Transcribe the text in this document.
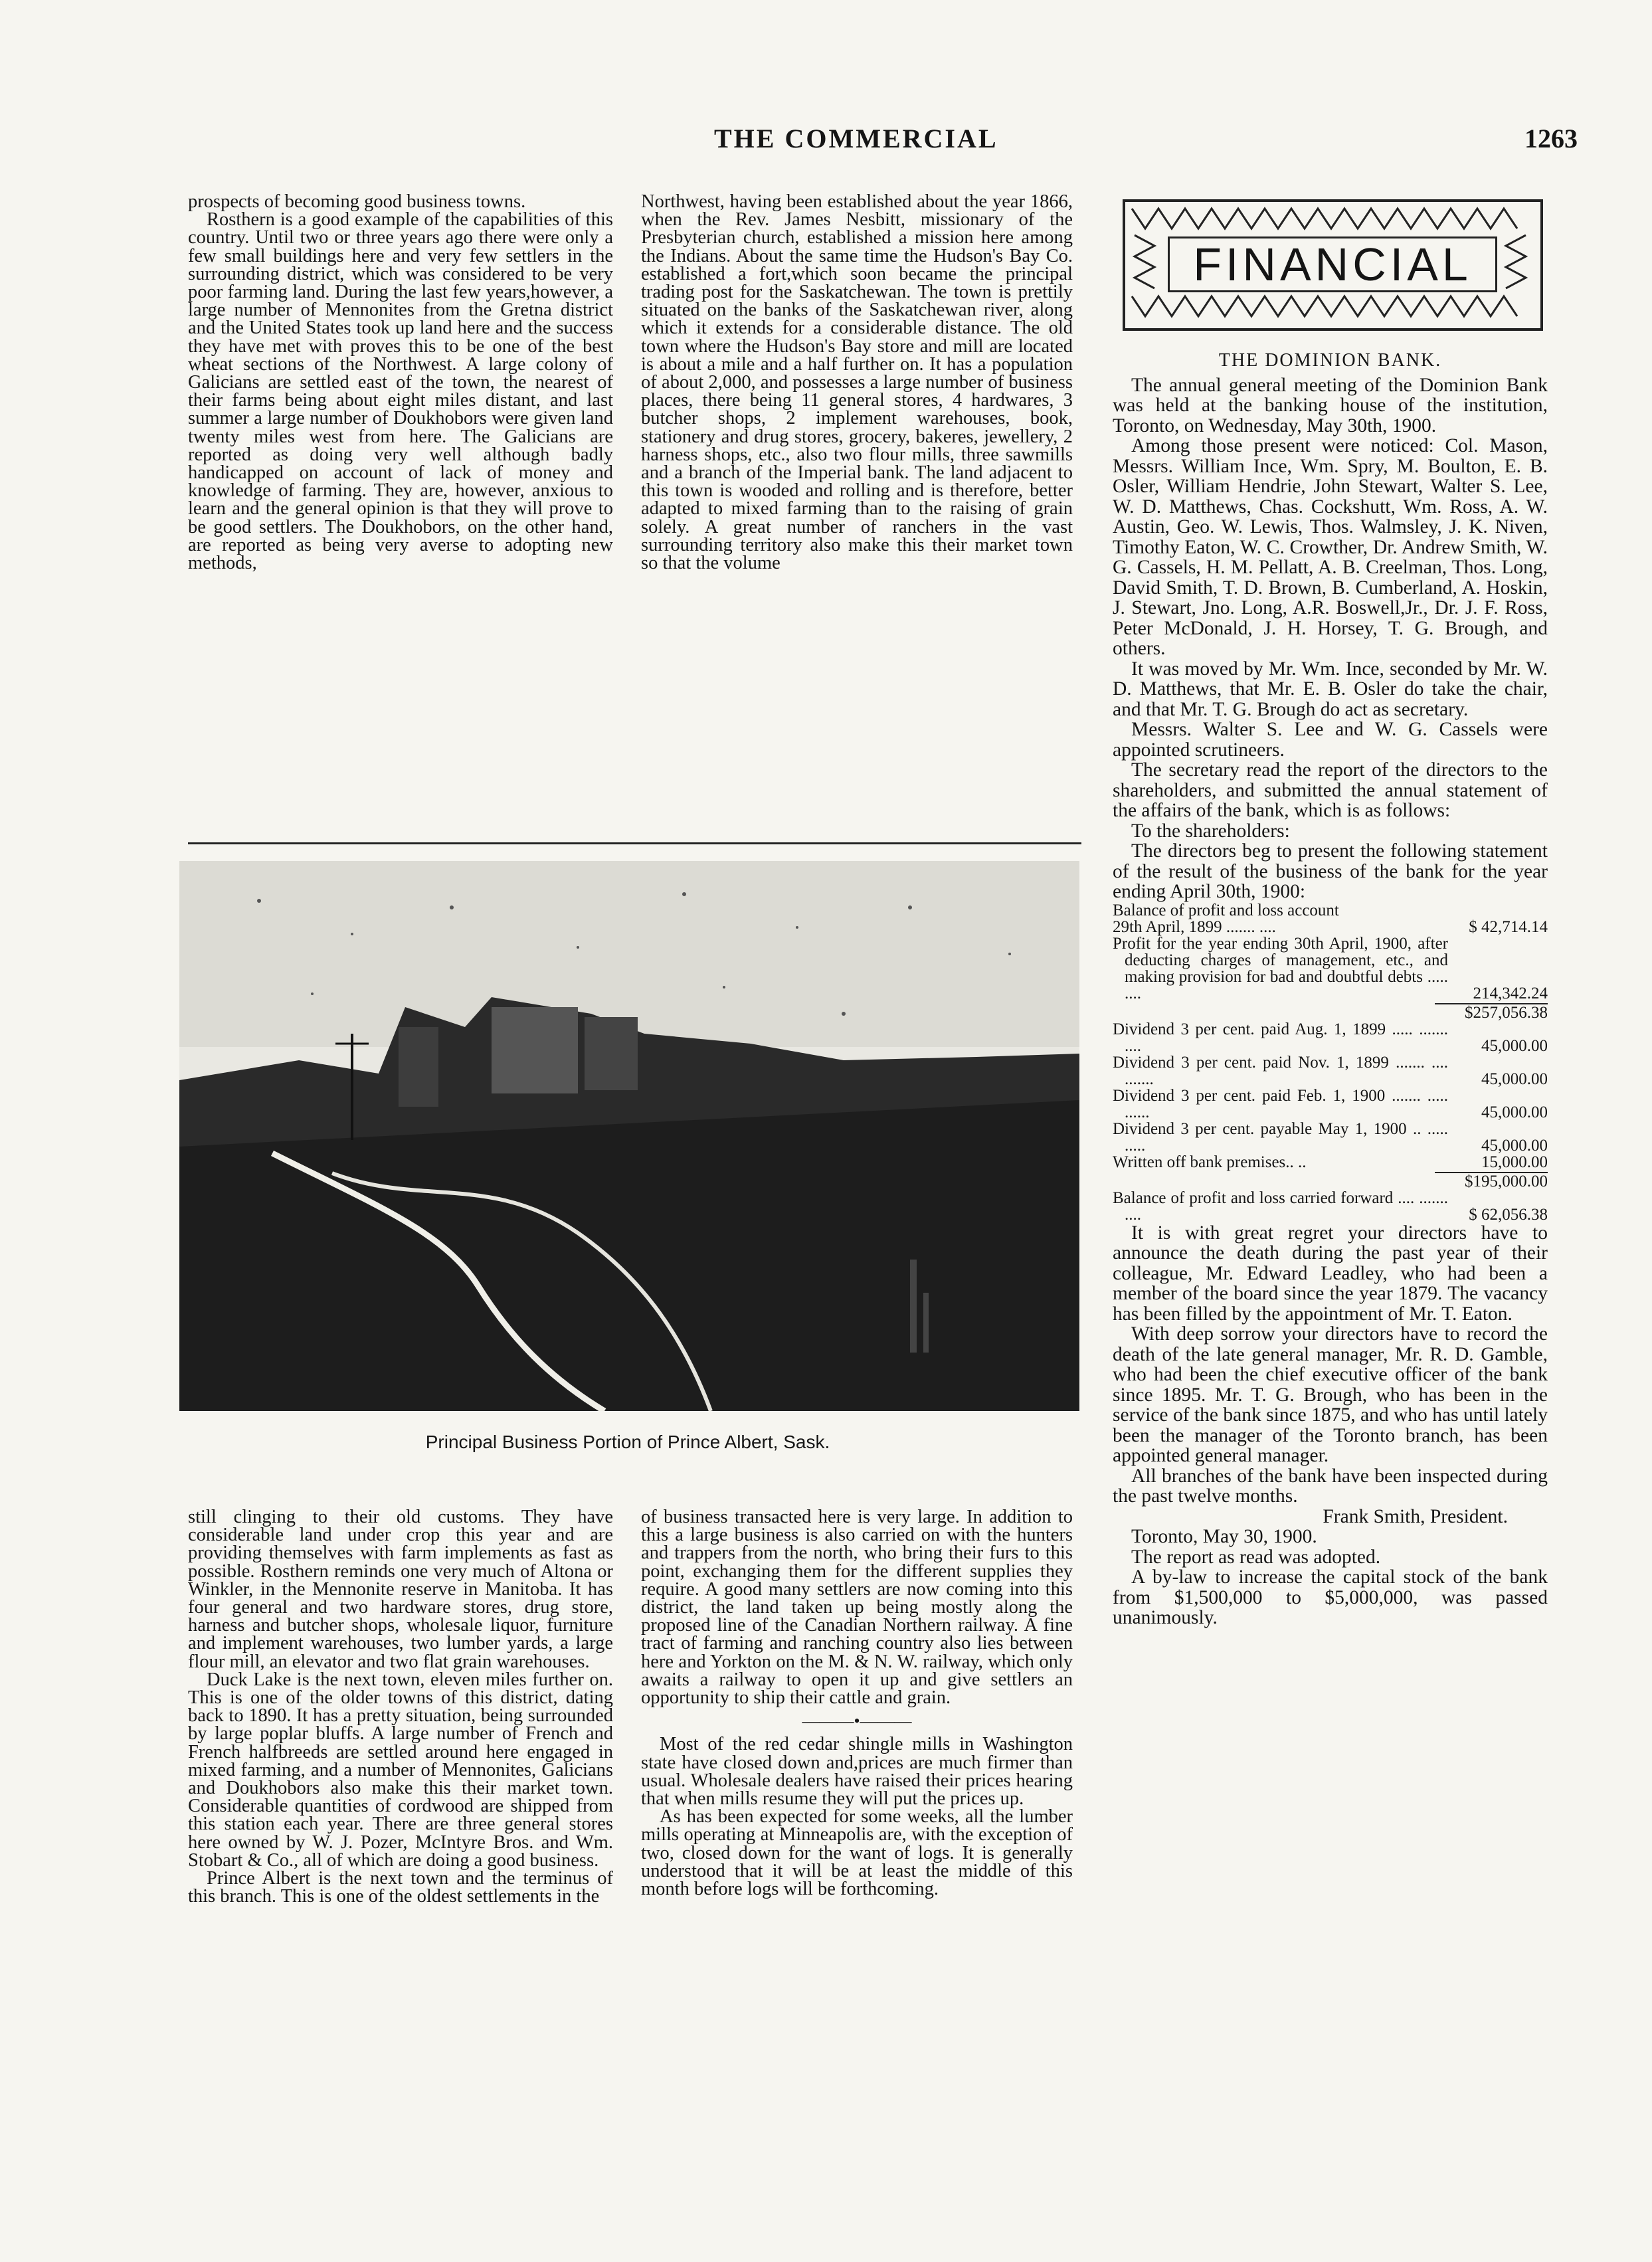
THE COMMERCIAL	1263

prospects of becoming good business towns.

Rosthern is a good example of the capabilities of this country. Until two or three years ago there were only a few small buildings here and very few settlers in the surrounding district, which was considered to be very poor farming land. During the last few years,however, a large number of Mennonites from the Gretna district and the United States took up land here and the success they have met with proves this to be one of the best wheat sections of the Northwest. A large colony of Galicians are settled east of the town, the nearest of their farms being about eight miles distant, and last summer a large number of Doukhobors were given land twenty miles west from here. The Galicians are reported as doing very well although badly handicapped on account of lack of money and knowledge of farming. They are, however, anxious to learn and the general opinion is that they will prove to be good settlers. The Doukhobors, on the other hand, are reported as being very averse to adopting new methods,

Northwest, having been established about the year 1866, when the Rev. James Nesbitt, missionary of the Presbyterian church, established a mission here among the Indians. About the same time the Hudson's Bay Co. established a fort,which soon became the principal trading post for the Saskatchewan. The town is prettily situated on the banks of the Saskatchewan river, along which it extends for a considerable distance. The old town where the Hudson's Bay store and mill are located is about a mile and a half further on. It has a population of about 2,000, and possesses a large number of business places, there being 11 general stores, 4 hardwares, 3 butcher shops, 2 implement warehouses, book, stationery and drug stores, grocery, bakeres, jewellery, 2 harness shops, etc., also two flour mills, three sawmills and a branch of the Imperial bank. The land adjacent to this town is wooded and rolling and is therefore, better adapted to mixed farming than to the raising of grain solely. A great number of ranchers in the vast surrounding territory also make this their market town so that the volume

Principal Business Portion of Prince Albert, Sask.

still clinging to their old customs. They have considerable land under crop this year and are providing themselves with farm implements as fast as possible. Rosthern reminds one very much of Altona or Winkler, in the Mennonite reserve in Manitoba. It has four general and two hardware stores, drug store, harness and butcher shops, wholesale liquor, furniture and implement warehouses, two lumber yards, a large flour mill, an elevator and two flat grain warehouses.

Duck Lake is the next town, eleven miles further on. This is one of the older towns of this district, dating back to 1890. It has a pretty situation, being surrounded by large poplar bluffs. A large number of French and French halfbreeds are settled around here engaged in mixed farming, and a number of Mennonites, Galicians and Doukhobors also make this their market town. Considerable quantities of cordwood are shipped from this station each year. There are three general stores here owned by W. J. Pozer, McIntyre Bros. and Wm. Stobart & Co., all of which are doing a good business.

Prince Albert is the next town and the terminus of this branch. This is one of the oldest settlements in the

of business transacted here is very large. In addition to this a large business is also carried on with the hunters and trappers from the north, who bring their furs to this point, exchanging them for the different supplies they require. A good many settlers are now coming into this district, the land taken up being mostly along the proposed line of the Canadian Northern railway. A fine tract of farming and ranching country also lies between here and Yorkton on the M. & N. W. railway, which only awaits a railway to open it up and give settlers an opportunity to ship their cattle and grain.

———•———

Most of the red cedar shingle mills in Washington state have closed down and,prices are much firmer than usual. Wholesale dealers have raised their prices hearing that when mills resume they will put the prices up.

As has been expected for some weeks, all the lumber mills operating at Minneapolis are, with the exception of two, closed down for the want of logs. It is generally understood that it will be at least the middle of this month before logs will be forthcoming.

FINANCIAL
THE DOMINION BANK.

The annual general meeting of the Dominion Bank was held at the banking house of the institution, Toronto, on Wednesday, May 30th, 1900.

Among those present were noticed: Col. Mason, Messrs. William Ince, Wm. Spry, M. Boulton, E. B. Osler, William Hendrie, John Stewart, Walter S. Lee, W. D. Matthews, Chas. Cockshutt, Wm. Ross, A. W. Austin, Geo. W. Lewis, Thos. Walmsley, J. K. Niven, Timothy Eaton, W. C. Crowther, Dr. Andrew Smith, W. G. Cassels, H. M. Pellatt, A. B. Creelman, Thos. Long, David Smith, T. D. Brown, B. Cumberland, A. Hoskin, J. Stewart, Jno. Long, A.R. Boswell,Jr., Dr. J. F. Ross, Peter McDonald, J. H. Horsey, T. G. Brough, and others.

It was moved by Mr. Wm. Ince, seconded by Mr. W. D. Matthews, that Mr. E. B. Osler do take the chair, and that Mr. T. G. Brough do act as secretary.

Messrs. Walter S. Lee and W. G. Cassels were appointed scrutineers.

The secretary read the report of the directors to the shareholders, and submitted the annual statement of the affairs of the bank, which is as follows:

To the shareholders:

The directors beg to present the following statement of the result of the business of the bank for the year ending April 30th, 1900:

Balance of profit and loss account

29th April, 1899 ....... ....	$ 42,714.14
Profit for the year ending 30th April, 1900, after deducting charges of management, etc., and making provision for bad and doubtful debts ..... ....	214,342.24
$257,056.38
Dividend 3 per cent. paid Aug. 1, 1899 ..... ....... ....	45,000.00
Dividend 3 per cent. paid Nov. 1, 1899 ....... .... .......	45,000.00
Dividend 3 per cent. paid Feb. 1, 1900 ....... ..... ......	45,000.00
Dividend 3 per cent. payable May 1, 1900 .. ..... .....	45,000.00
Written off bank premises.. ..	15,000.00
$195,000.00
Balance of profit and loss carried forward .... ....... ....	$ 62,056.38

It is with great regret your directors have to announce the death during the past year of their colleague, Mr. Edward Leadley, who had been a member of the board since the year 1879. The vacancy has been filled by the appointment of Mr. T. Eaton.

With deep sorrow your directors have to record the death of the late general manager, Mr. R. D. Gamble, who had been the chief executive officer of the bank since 1895. Mr. T. G. Brough, who has been in the service of the bank since 1875, and who has until lately been the manager of the Toronto branch, has been appointed general manager.

All branches of the bank have been inspected during the past twelve months.

Frank Smith, President.

Toronto, May 30, 1900.

The report as read was adopted.

A by-law to increase the capital stock of the bank from $1,500,000 to $5,000,000, was passed unanimously.
